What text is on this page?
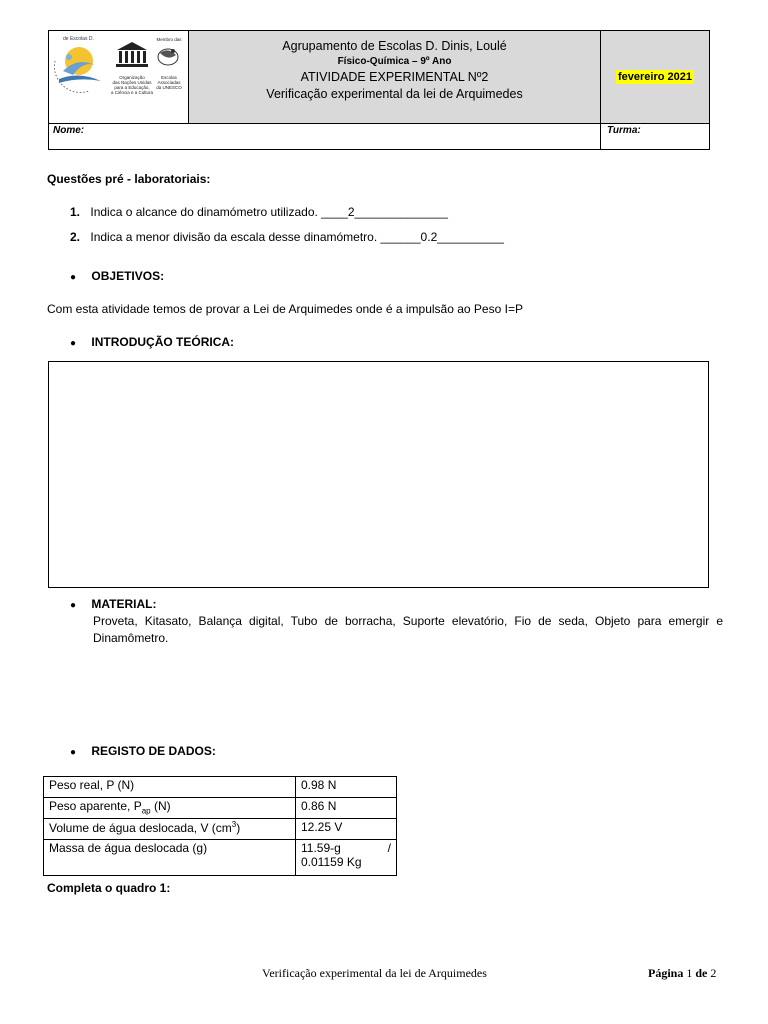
de Escolas D.
Organização
das Nações Unidas
para a Educação,
a Ciência e a Cultura
Membro das
Escolas
Associadas
da UNESCO
Agrupamento de Escolas D. Dinis, Loulé
Físico-Química – 9º Ano
ATIVIDADE EXPERIMENTAL Nº2
Verificação experimental da lei de Arquimedes
fevereiro 2021
Nome:	Turma:
Questões pré - laboratoriais:
1. Indica o alcance do dinamómetro utilizado. ____2______________
2. Indica a menor divisão da escala desse dinamómetro. ______0.2__________
● OBJETIVOS:
Com esta atividade temos de provar a Lei de Arquimedes onde é a impulsão ao Peso I=P
● INTRODUÇÃO TEÓRICA:
● MATERIAL:
Proveta, Kitasato, Balança digital, Tubo de borracha, Suporte elevatório, Fio de seda, Objeto para emergir e
Dinamômetro.
● REGISTO DE DADOS:
Peso real, P (N)	0.98 N
Peso aparente, $P_{ap}$ (N)	0.86 N
Volume de água deslocada, V $(cm^3)$	12.25 V
Massa de água deslocada (g)	11.59-g /
0.01159 Kg
Completa o quadro 1:
Verificação experimental da lei de Arquimedes	Página 1 de 2
